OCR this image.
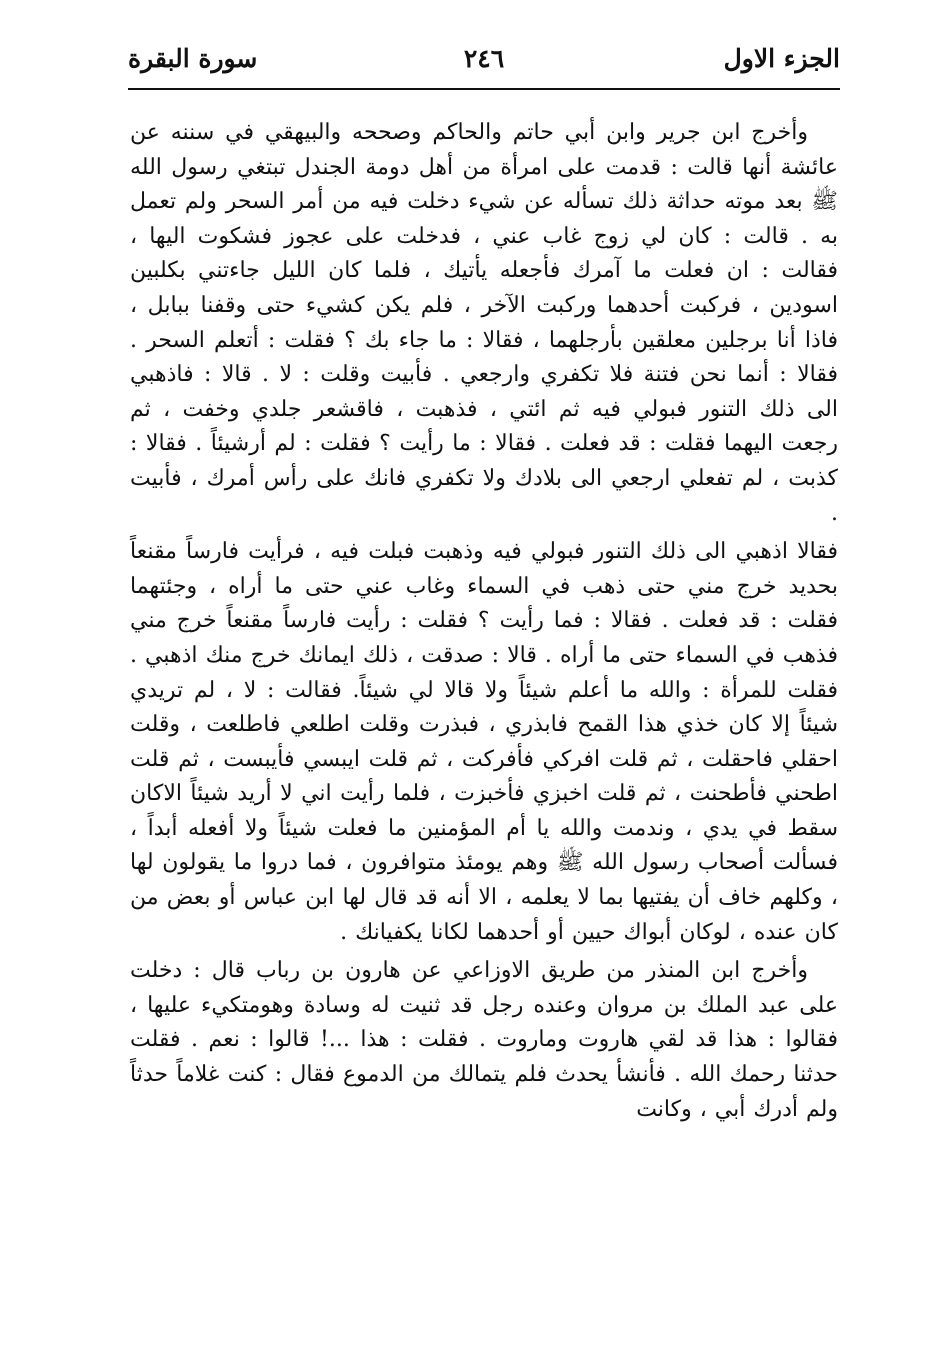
الجزء الاول
٢٤٦
سورة البقرة

وأخرج ابن جرير وابن أبي حاتم والحاكم وصححه والبيهقي في سننه عن عائشة أنها قالت : قدمت على امرأة من أهل دومة الجندل تبتغي رسول الله ﷺ بعد موته حداثة ذلك تسأله عن شيء دخلت فيه من أمر السحر ولم تعمل به . قالت : كان لي زوج غاب عني ، فدخلت على عجوز فشكوت اليها ، فقالت : ان فعلت ما آمرك فأجعله يأتيك ، فلما كان الليل جاءتني بكلبين اسودين ، فركبت أحدهما وركبت الآخر ، فلم يكن كشيء حتى وقفنا ببابل ، فاذا أنا برجلين معلقين بأرجلهما ، فقالا : ما جاء بك ؟ فقلت : أتعلم السحر . فقالا : أنما نحن فتنة فلا تكفري وارجعي . فأبيت وقلت : لا . قالا : فاذهبي الى ذلك التنور فبولي فيه ثم ائتي ، فذهبت ، فاقشعر جلدي وخفت ، ثم رجعت اليهما فقلت : قد فعلت . فقالا : ما رأيت ؟ فقلت : لم أرشيئاً . فقالا : كذبت ، لم تفعلي ارجعي الى بلادك ولا تكفري فانك على رأس أمرك ، فأبيت .

فقالا اذهبي الى ذلك التنور فبولي فيه وذهبت فبلت فيه ، فرأيت فارساً مقنعاً بحديد خرج مني حتى ذهب في السماء وغاب عني حتى ما أراه ، وجئتهما فقلت : قد فعلت . فقالا : فما رأيت ؟ فقلت : رأيت فارساً مقنعاً خرج مني فذهب في السماء حتى ما أراه . قالا : صدقت ، ذلك ايمانك خرج منك اذهبي . فقلت للمرأة : والله ما أعلم شيئاً ولا قالا لي شيئاً. فقالت : لا ، لم تريدي شيئاً إلا كان خذي هذا القمح فابذري ، فبذرت وقلت اطلعي فاطلعت ، وقلت احقلي فاحقلت ، ثم قلت افركي فأفركت ، ثم قلت ايبسي فأيبست ، ثم قلت اطحني فأطحنت ، ثم قلت اخبزي فأخبزت ، فلما رأيت اني لا أريد شيئاً الاكان سقط في يدي ، وندمت والله يا أم المؤمنين ما فعلت شيئاً ولا أفعله أبداً ، فسألت أصحاب رسول الله ﷺ وهم يومئذ متوافرون ، فما دروا ما يقولون لها ، وكلهم خاف أن يفتيها بما لا يعلمه ، الا أنه قد قال لها ابن عباس أو بعض من كان عنده ، لوكان أبواك حيين أو أحدهما لكانا يكفيانك .

وأخرج ابن المنذر من طريق الاوزاعي عن هارون بن رباب قال : دخلت على عبد الملك بن مروان وعنده رجل قد ثنيت له وسادة وهومتكيء عليها ، فقالوا : هذا قد لقي هاروت وماروت . فقلت : هذا ...! قالوا : نعم . فقلت حدثنا رحمك الله . فأنشأ يحدث فلم يتمالك من الدموع فقال : كنت غلاماً حدثاً ولم أدرك أبي ، وكانت
